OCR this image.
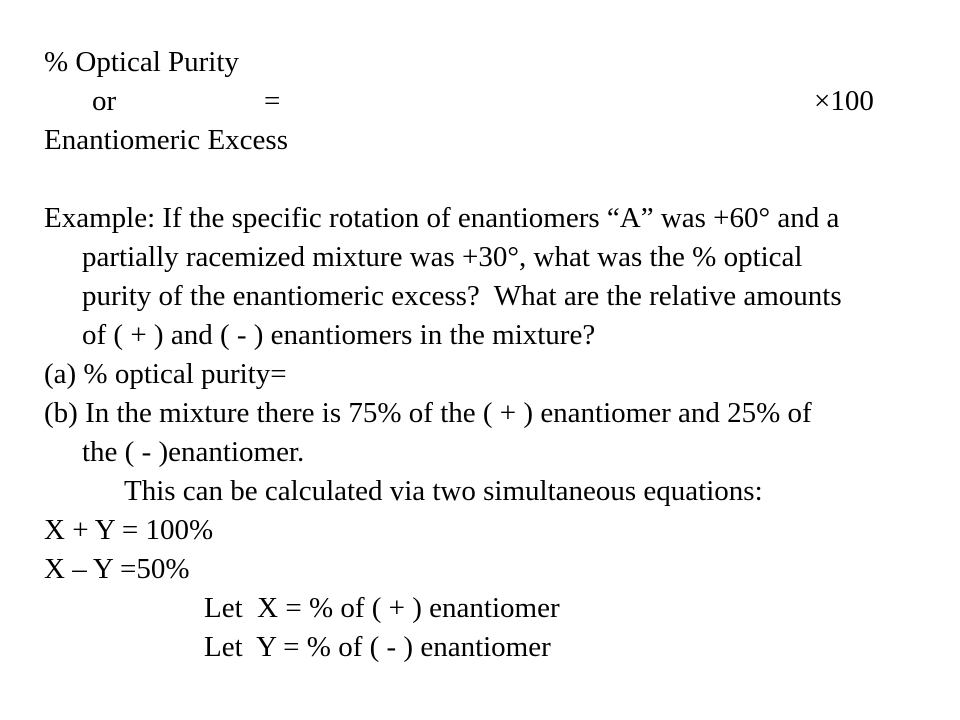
% Optical Purity
or	=	×100
Enantiomeric Excess
Example: If the specific rotation of enantiomers “A” was +60° and a
partially racemized mixture was +30°, what was the % optical
purity of the enantiomeric excess?  What are the relative amounts
of ( + ) and ( - ) enantiomers in the mixture?
(a) % optical purity=
(b) In the mixture there is 75% of the ( + ) enantiomer and 25% of
the ( - )enantiomer.
This can be calculated via two simultaneous equations:
X + Y = 100%
X – Y =50%
Let  X = % of ( + ) enantiomer
Let  Y = % of ( - ) enantiomer
